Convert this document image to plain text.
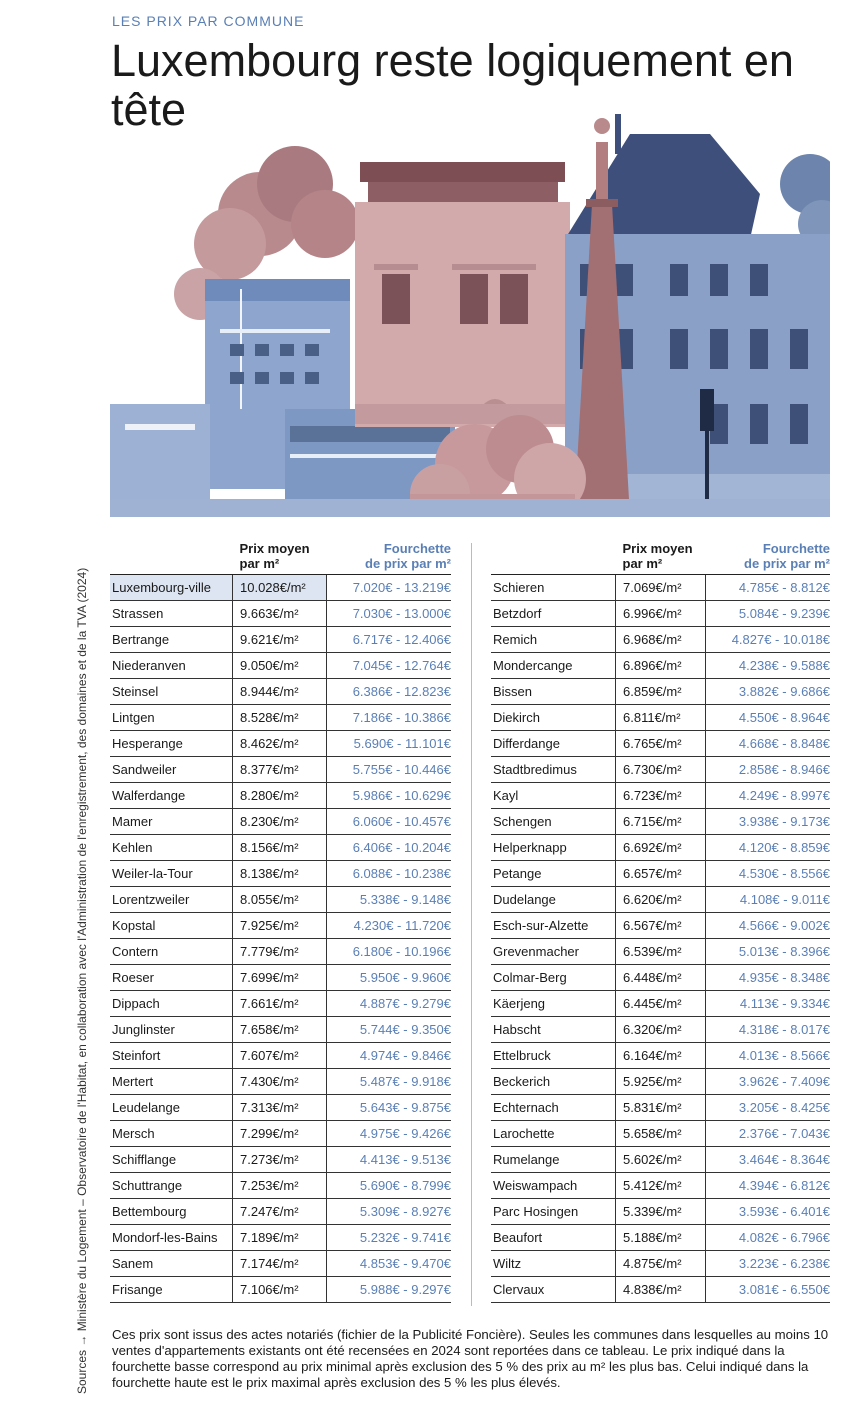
LES PRIX PAR COMMUNE
Luxembourg reste logiquement en tête
Sources → Ministère du Logement – Observatoire de l'Habitat, en collaboration avec l'Administration de l'enregistrement, des domaines et de la TVA (2024)
	Prix moyen
par m²	Fourchette
de prix par m²
Luxembourg-ville	10.028€/m²	7.020€ - 13.219€
Strassen	9.663€/m²	7.030€ - 13.000€
Bertrange	9.621€/m²	6.717€ - 12.406€
Niederanven	9.050€/m²	7.045€ - 12.764€
Steinsel	8.944€/m²	6.386€ - 12.823€
Lintgen	8.528€/m²	7.186€ - 10.386€
Hesperange	8.462€/m²	5.690€ - 11.101€
Sandweiler	8.377€/m²	5.755€ - 10.446€
Walferdange	8.280€/m²	5.986€ - 10.629€
Mamer	8.230€/m²	6.060€ - 10.457€
Kehlen	8.156€/m²	6.406€ - 10.204€
Weiler-la-Tour	8.138€/m²	6.088€ - 10.238€
Lorentzweiler	8.055€/m²	5.338€ - 9.148€
Kopstal	7.925€/m²	4.230€ - 11.720€
Contern	7.779€/m²	6.180€ - 10.196€
Roeser	7.699€/m²	5.950€ - 9.960€
Dippach	7.661€/m²	4.887€ - 9.279€
Junglinster	7.658€/m²	5.744€ - 9.350€
Steinfort	7.607€/m²	4.974€ - 9.846€
Mertert	7.430€/m²	5.487€ - 9.918€
Leudelange	7.313€/m²	5.643€ - 9.875€
Mersch	7.299€/m²	4.975€ - 9.426€
Schifflange	7.273€/m²	4.413€ - 9.513€
Schuttrange	7.253€/m²	5.690€ - 8.799€
Bettembourg	7.247€/m²	5.309€ - 8.927€
Mondorf-les-Bains	7.189€/m²	5.232€ - 9.741€
Sanem	7.174€/m²	4.853€ - 9.470€
Frisange	7.106€/m²	5.988€ - 9.297€
	Prix moyen
par m²	Fourchette
de prix par m²
Schieren	7.069€/m²	4.785€ - 8.812€
Betzdorf	6.996€/m²	5.084€ - 9.239€
Remich	6.968€/m²	4.827€ - 10.018€
Mondercange	6.896€/m²	4.238€ - 9.588€
Bissen	6.859€/m²	3.882€ - 9.686€
Diekirch	6.811€/m²	4.550€ - 8.964€
Differdange	6.765€/m²	4.668€ - 8.848€
Stadtbredimus	6.730€/m²	2.858€ - 8.946€
Kayl	6.723€/m²	4.249€ - 8.997€
Schengen	6.715€/m²	3.938€ - 9.173€
Helperknapp	6.692€/m²	4.120€ - 8.859€
Petange	6.657€/m²	4.530€ - 8.556€
Dudelange	6.620€/m²	4.108€ - 9.011€
Esch-sur-Alzette	6.567€/m²	4.566€ - 9.002€
Grevenmacher	6.539€/m²	5.013€ - 8.396€
Colmar-Berg	6.448€/m²	4.935€ - 8.348€
Käerjeng	6.445€/m²	4.113€ - 9.334€
Habscht	6.320€/m²	4.318€ - 8.017€
Ettelbruck	6.164€/m²	4.013€ - 8.566€
Beckerich	5.925€/m²	3.962€ - 7.409€
Echternach	5.831€/m²	3.205€ - 8.425€
Larochette	5.658€/m²	2.376€ - 7.043€
Rumelange	5.602€/m²	3.464€ - 8.364€
Weiswampach	5.412€/m²	4.394€ - 6.812€
Parc Hosingen	5.339€/m²	3.593€ - 6.401€
Beaufort	5.188€/m²	4.082€ - 6.796€
Wiltz	4.875€/m²	3.223€ - 6.238€
Clervaux	4.838€/m²	3.081€ - 6.550€

Ces prix sont issus des actes notariés (fichier de la Publicité Foncière). Seules les communes dans lesquelles au moins 10 ventes d'appartements existants ont été recensées en 2024 sont reportées dans ce tableau. Le prix indiqué dans la fourchette basse correspond au prix minimal après exclusion des 5 % des prix au m² les plus bas. Celui indiqué dans la fourchette haute est le prix maximal après exclusion des 5 % les plus élevés.
